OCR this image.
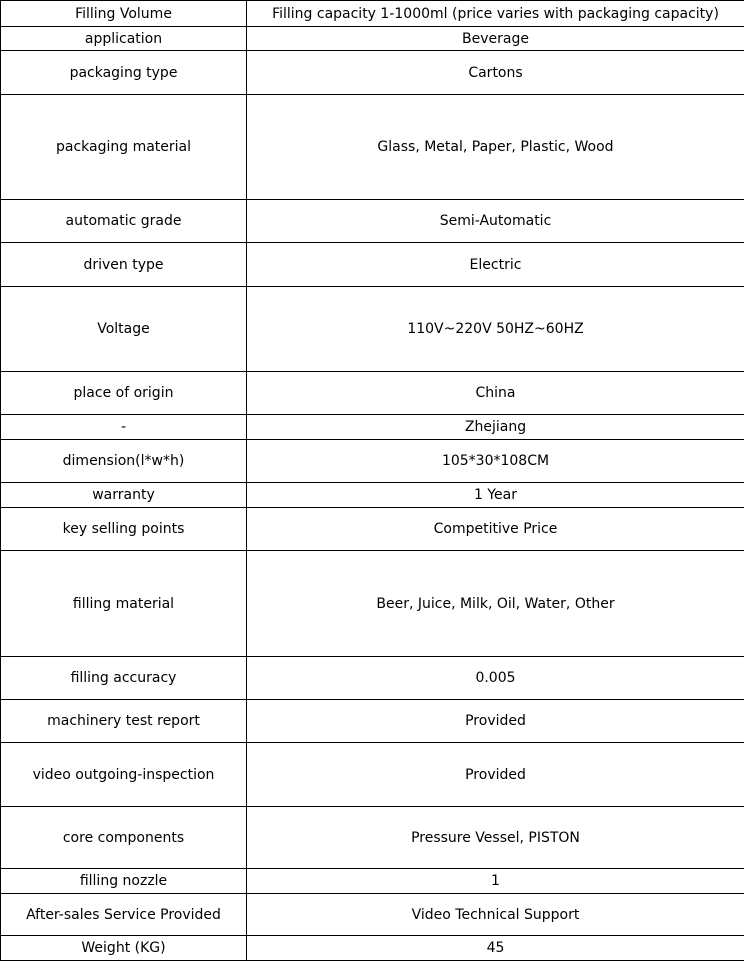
Filling Volume	Filling capacity 1-1000ml (price varies with packaging capacity)
application	Beverage
packaging type	Cartons
packaging material	Glass, Metal, Paper, Plastic, Wood
automatic grade	Semi-Automatic
driven type	Electric
Voltage	110V~220V 50HZ~60HZ
place of origin	China
-	Zhejiang
dimension(l*w*h)	105*30*108CM
warranty	1 Year
key selling points	Competitive Price
filling material	Beer, Juice, Milk, Oil, Water, Other
filling accuracy	0.005
machinery test report	Provided
video outgoing-inspection	Provided
core components	Pressure Vessel, PISTON
filling nozzle	1
After-sales Service Provided	Video Technical Support
Weight (KG)	45
